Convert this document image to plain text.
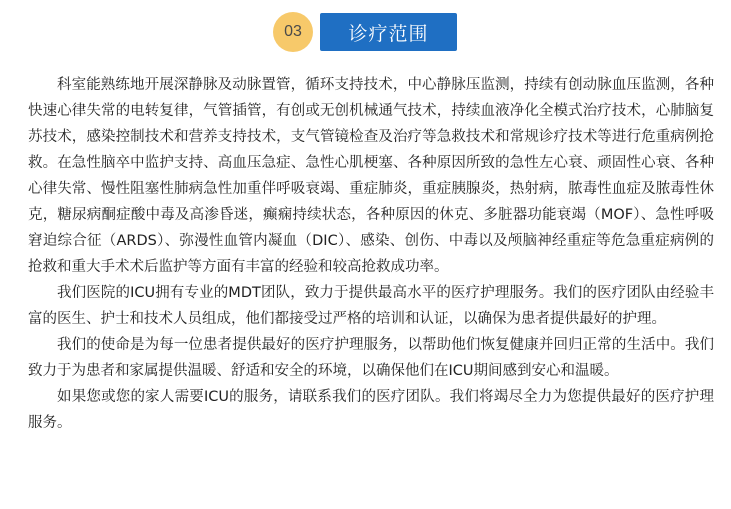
03	诊疗范围

科室能熟练地开展深静脉及动脉置管，循环支持技术，中心静脉压监测，持续有创动脉血压监测，各种快速心律失常的电转复律，气管插管，有创或无创机械通气技术，持续血液净化全模式治疗技术，心肺脑复苏技术，感染控制技术和营养支持技术，支气管镜检查及治疗等急救技术和常规诊疗技术等进行危重病例抢救。在急性脑卒中监护支持、高血压急症、急性心肌梗塞、各种原因所致的急性左心衰、顽固性心衰、各种心律失常、慢性阻塞性肺病急性加重伴呼吸衰竭、重症肺炎，重症胰腺炎，热射病，脓毒性血症及脓毒性休克，糖尿病酮症酸中毒及高渗昏迷，癫痫持续状态，各种原因的休克、多脏器功能衰竭（MOF）、急性呼吸窘迫综合征（ARDS）、弥漫性血管内凝血（DIC）、感染、创伤、中毒以及颅脑神经重症等危急重症病例的抢救和重大手术术后监护等方面有丰富的经验和较高抢救成功率。

我们医院的ICU拥有专业的MDT团队，致力于提供最高水平的医疗护理服务。我们的医疗团队由经验丰富的医生、护士和技术人员组成，他们都接受过严格的培训和认证，以确保为患者提供最好的护理。

我们的使命是为每一位患者提供最好的医疗护理服务，以帮助他们恢复健康并回归正常的生活中。我们致力于为患者和家属提供温暖、舒适和安全的环境，以确保他们在ICU期间感到安心和温暖。

如果您或您的家人需要ICU的服务，请联系我们的医疗团队。我们将竭尽全力为您提供最好的医疗护理服务。
